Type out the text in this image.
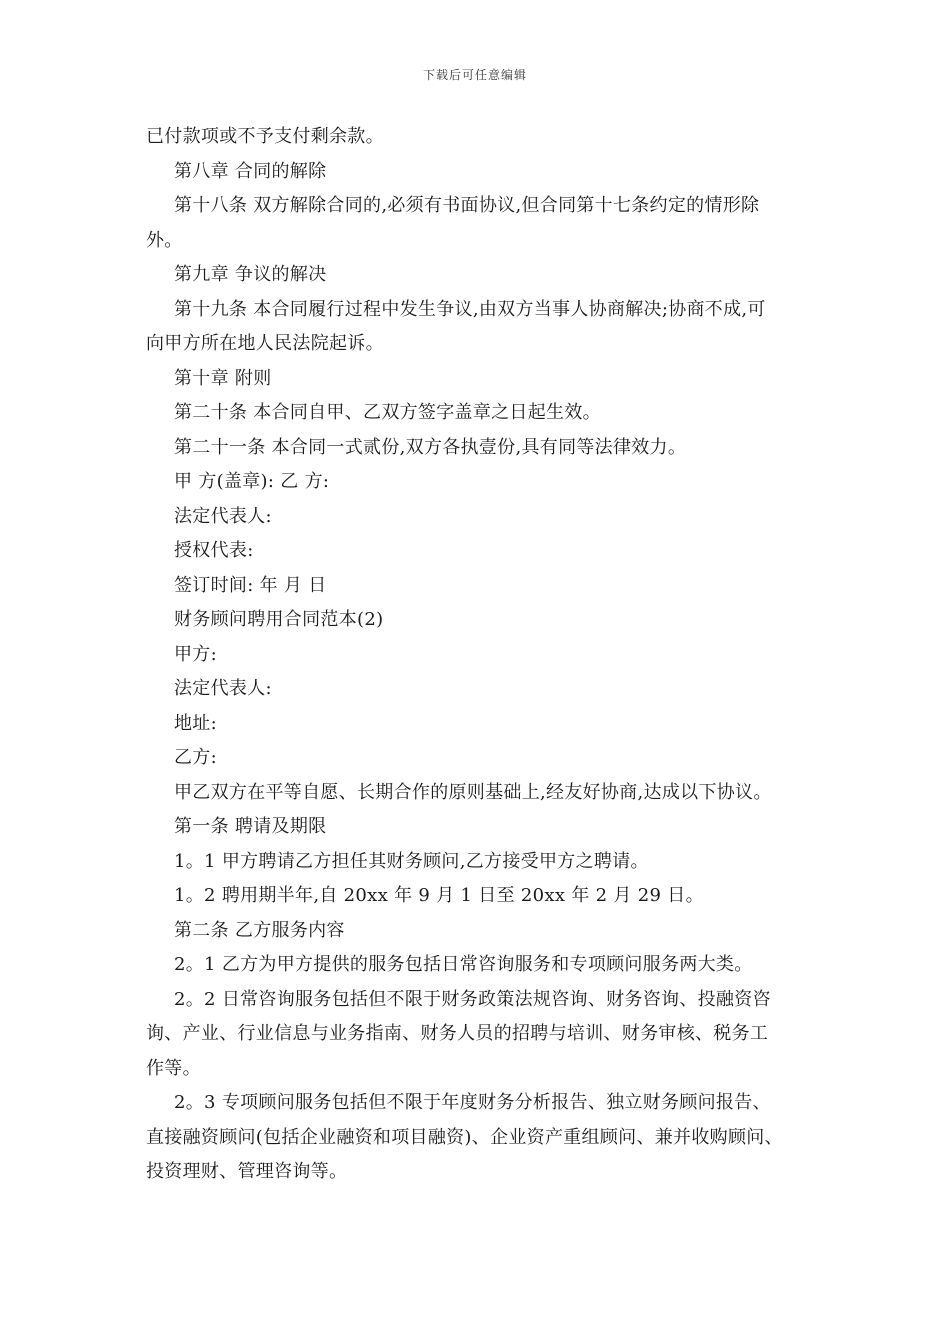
下载后可任意编辑
已付款项或不予支付剩余款。
第八章 合同的解除
第十八条 双方解除合同的,必须有书面协议,但合同第十七条约定的情形除
外。
第九章 争议的解决
第十九条 本合同履行过程中发生争议,由双方当事人协商解决;协商不成,可
向甲方所在地人民法院起诉。
第十章 附则
第二十条 本合同自甲、乙双方签字盖章之日起生效。
第二十一条 本合同一式贰份,双方各执壹份,具有同等法律效力。
甲 方(盖章): 乙 方:
法定代表人:
授权代表:
签订时间: 年 月 日
财务顾问聘用合同范本(2)
甲方:
法定代表人:
地址:
乙方:
甲乙双方在平等自愿、长期合作的原则基础上,经友好协商,达成以下协议。
第一条 聘请及期限
1。1 甲方聘请乙方担任其财务顾问,乙方接受甲方之聘请。
1。2 聘用期半年,自 20xx 年 9 月 1 日至 20xx 年 2 月 29 日。
第二条 乙方服务内容
2。1 乙方为甲方提供的服务包括日常咨询服务和专项顾问服务两大类。
2。2 日常咨询服务包括但不限于财务政策法规咨询、财务咨询、投融资咨
询、产业、行业信息与业务指南、财务人员的招聘与培训、财务审核、税务工
作等。
2。3 专项顾问服务包括但不限于年度财务分析报告、独立财务顾问报告、
直接融资顾问(包括企业融资和项目融资)、企业资产重组顾问、兼并收购顾问、
投资理财、管理咨询等。
